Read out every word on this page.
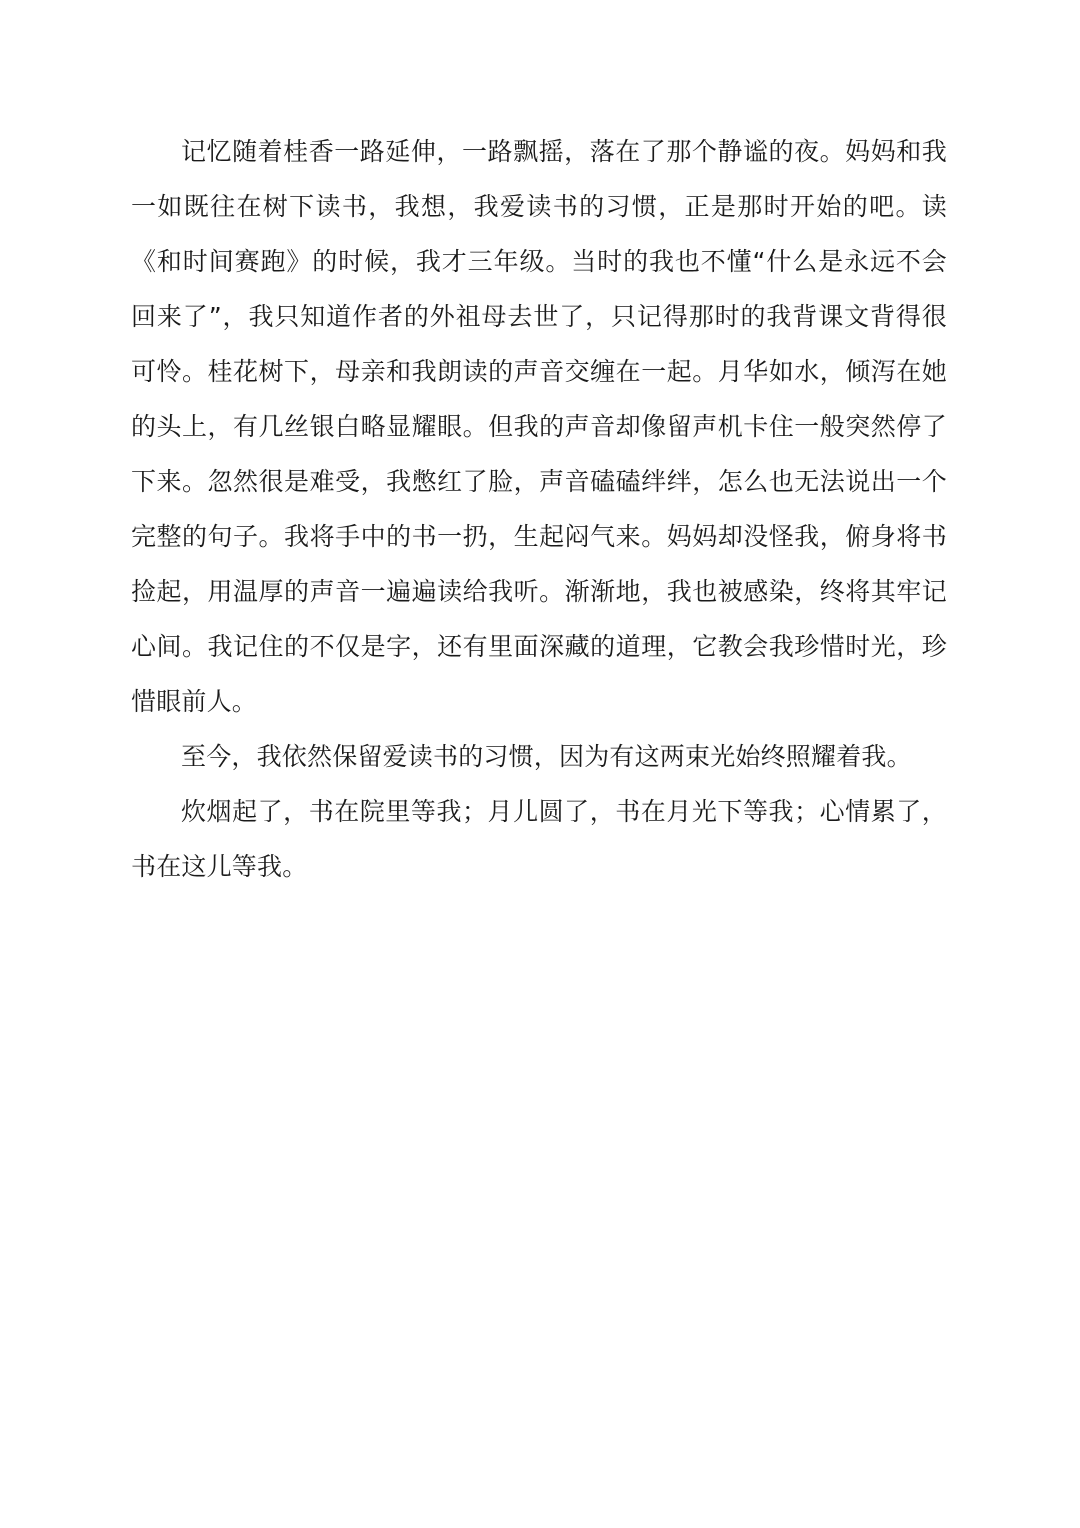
记忆随着桂香一路延伸，一路飘摇，落在了那个静谧的夜。妈妈和我一如既往在树下读书，我想，我爱读书的习惯，正是那时开始的吧。读《和时间赛跑》的时候，我才三年级。当时的我也不懂“什么是永远不会回来了”，我只知道作者的外祖母去世了，只记得那时的我背课文背得很可怜。桂花树下，母亲和我朗读的声音交缠在一起。月华如水，倾泻在她的头上，有几丝银白略显耀眼。但我的声音却像留声机卡住一般突然停了下来。忽然很是难受，我憋红了脸，声音磕磕绊绊，怎么也无法说出一个完整的句子。我将手中的书一扔，生起闷气来。妈妈却没怪我，俯身将书捡起，用温厚的声音一遍遍读给我听。渐渐地，我也被感染，终将其牢记心间。我记住的不仅是字，还有里面深藏的道理，它教会我珍惜时光，珍惜眼前人。

至今，我依然保留爱读书的习惯，因为有这两束光始终照耀着我。

炊烟起了，书在院里等我；月儿圆了，书在月光下等我；心情累了，书在这儿等我。
